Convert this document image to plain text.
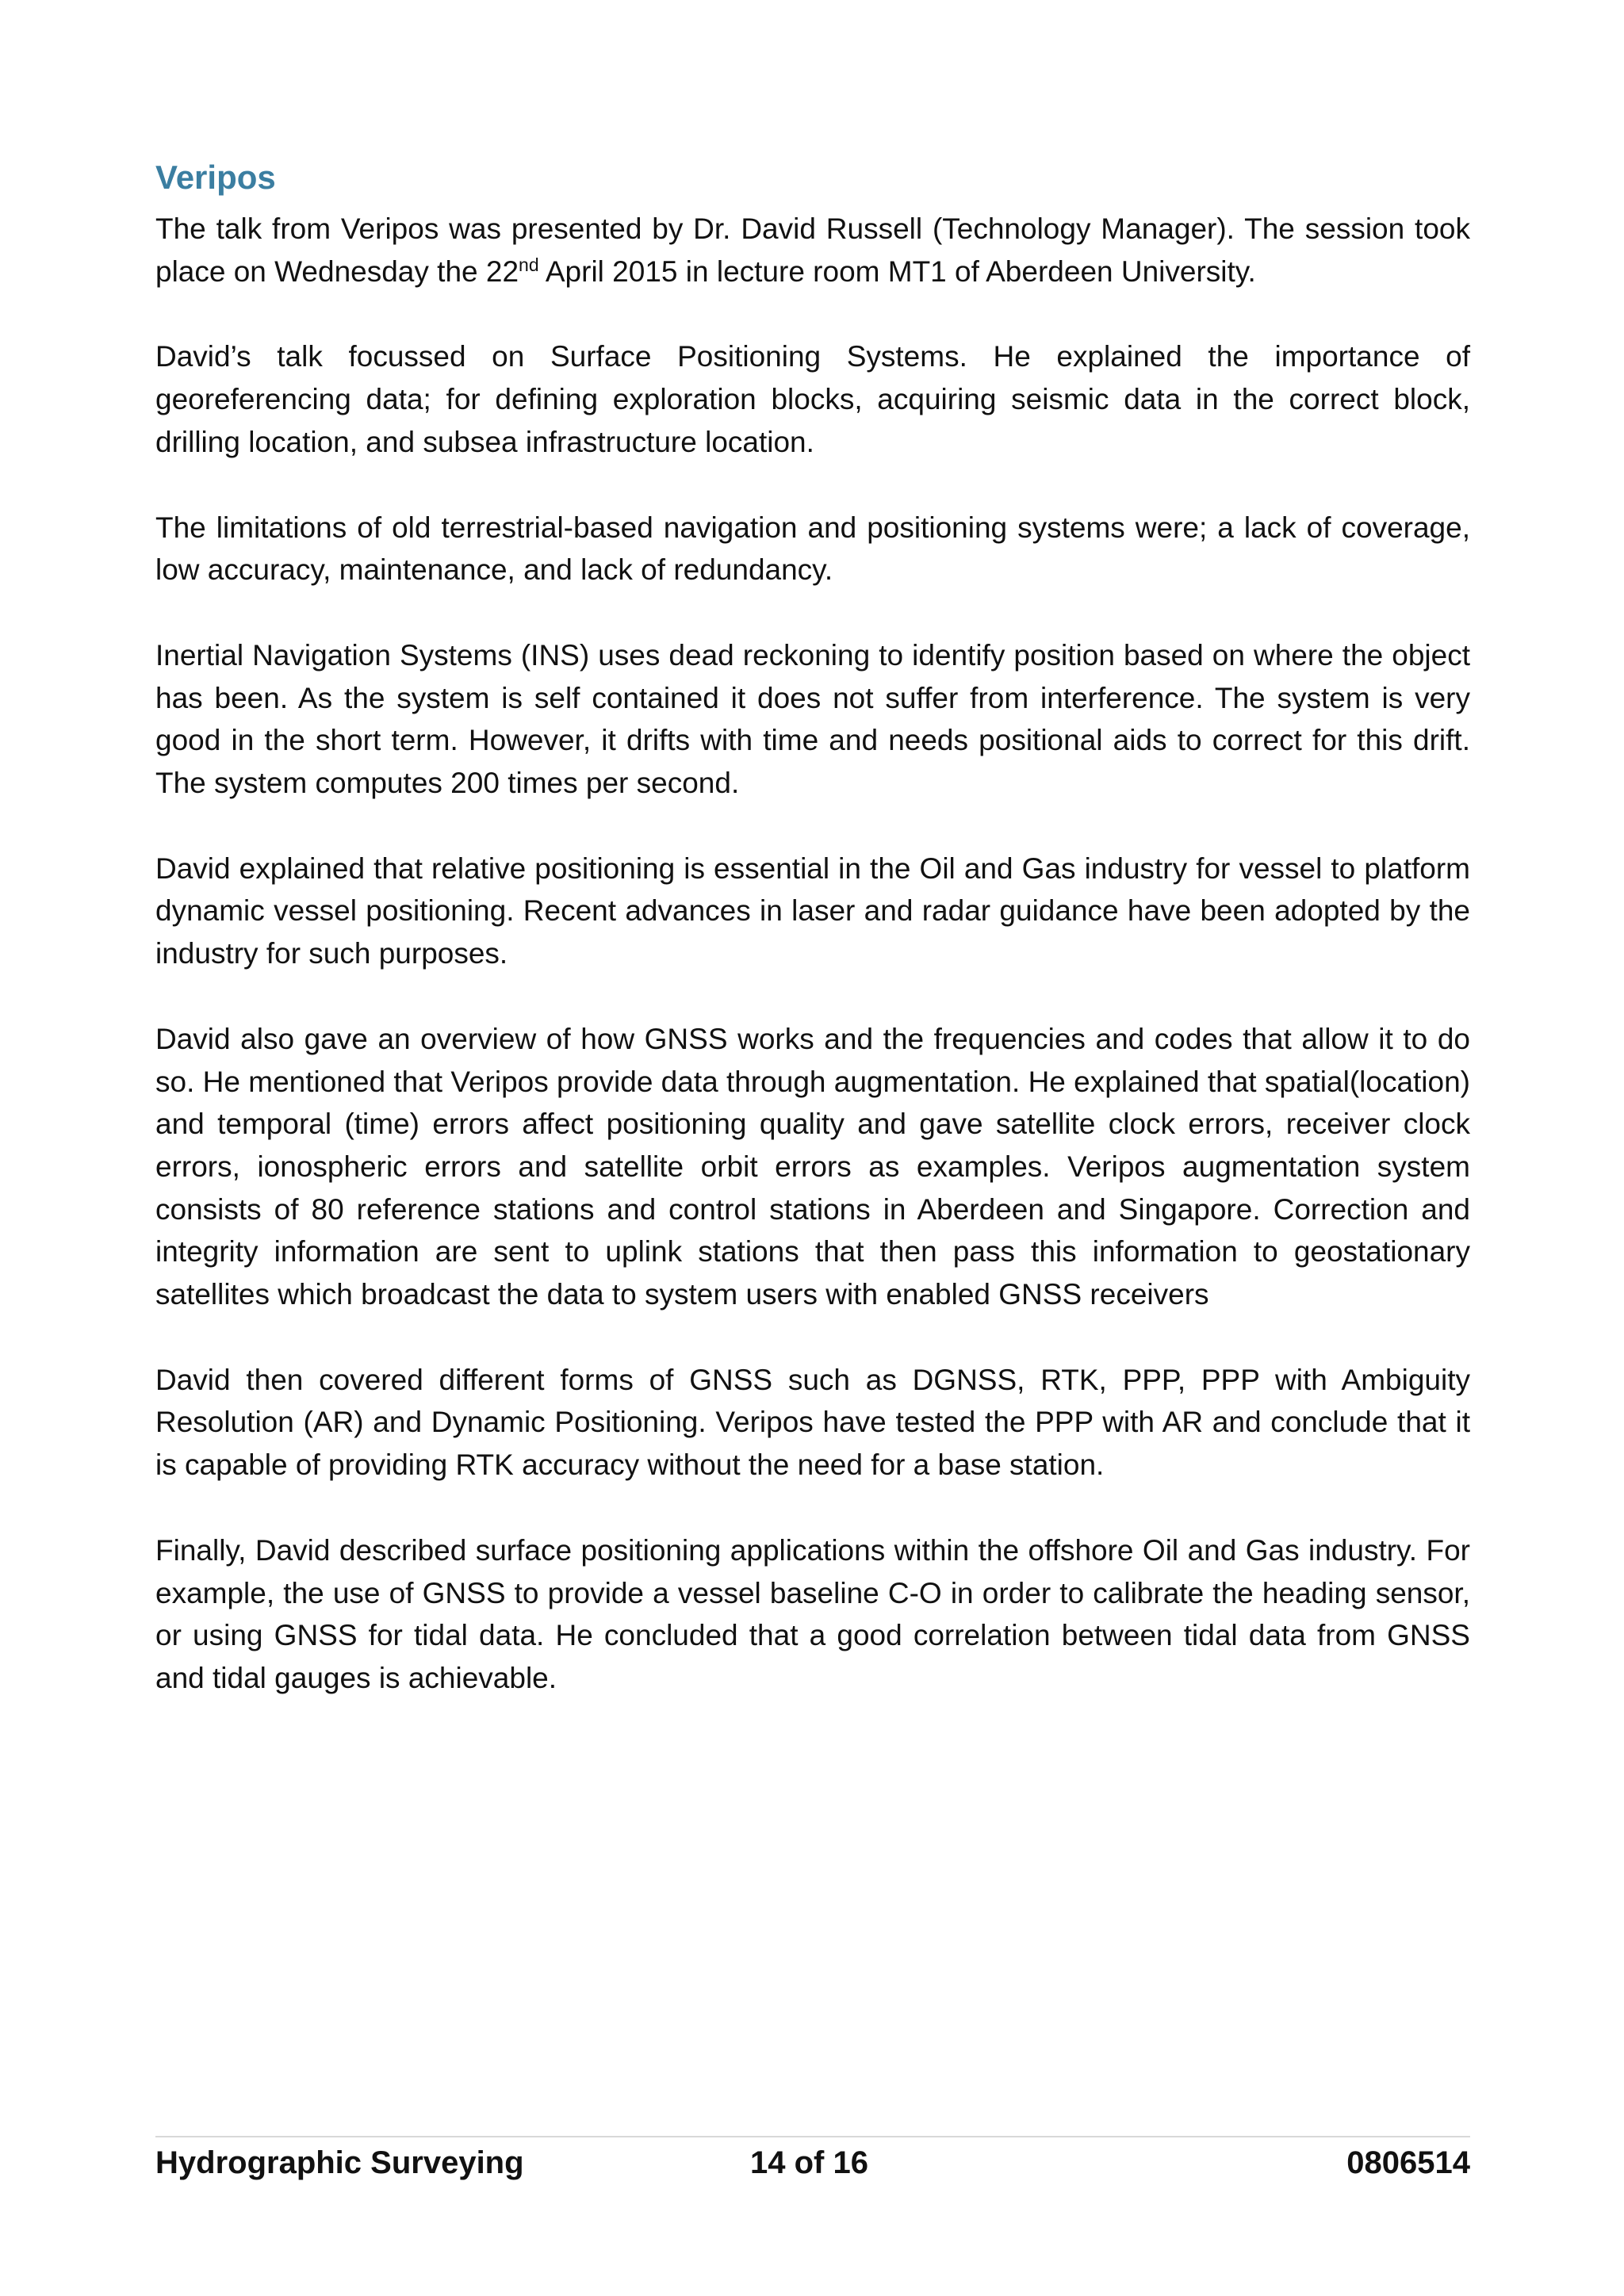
Veripos

The talk from Veripos was presented by Dr. David Russell (Technology Manager). The session took place on Wednesday the 22nd April 2015 in lecture room MT1 of Aberdeen University.

David’s talk focussed on Surface Positioning Systems. He explained the importance of georeferencing data; for defining exploration blocks, acquiring seismic data in the correct block, drilling location, and subsea infrastructure location.

The limitations of old terrestrial-based navigation and positioning systems were; a lack of coverage, low accuracy, maintenance, and lack of redundancy.

Inertial Navigation Systems (INS) uses dead reckoning to identify position based on where the object has been. As the system is self contained it does not suffer from interference. The system is very good in the short term. However, it drifts with time and needs positional aids to correct for this drift. The system computes 200 times per second.

David explained that relative positioning is essential in the Oil and Gas industry for vessel to platform dynamic vessel positioning. Recent advances in laser and radar guidance have been adopted by the industry for such purposes.

David also gave an overview of how GNSS works and the frequencies and codes that allow it to do so. He mentioned that Veripos provide data through augmentation. He explained that spatial(location) and temporal (time) errors affect positioning quality and gave satellite clock errors, receiver clock errors, ionospheric errors and satellite orbit errors as examples. Veripos augmentation system consists of 80 reference stations and control stations in Aberdeen and Singapore. Correction and integrity information are sent to uplink stations that then pass this information to geostationary satellites which broadcast the data to system users with enabled GNSS receivers

David then covered different forms of GNSS such as DGNSS, RTK, PPP, PPP with Ambiguity Resolution (AR) and Dynamic Positioning. Veripos have tested the PPP with AR and conclude that it is capable of providing RTK accuracy without the need for a base station.

Finally, David described surface positioning applications within the offshore Oil and Gas industry. For example, the use of GNSS to provide a vessel baseline C-O in order to calibrate the heading sensor, or using GNSS for tidal data. He concluded that a good correlation between tidal data from GNSS and tidal gauges is achievable.

Hydrographic Surveying	14 of 16	0806514
